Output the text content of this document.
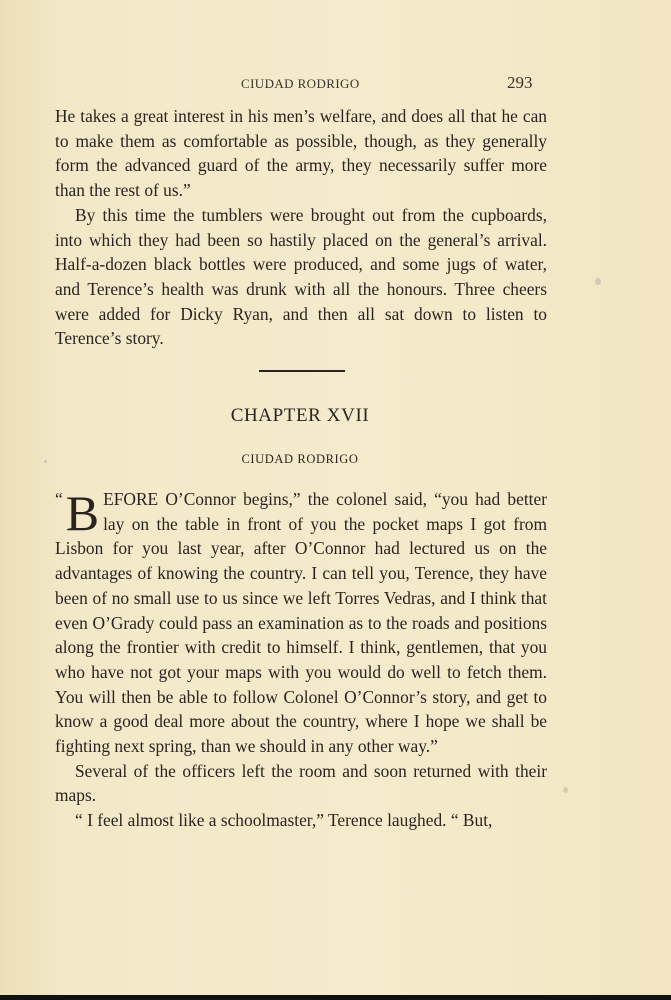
CIUDAD RODRIGO	293

He takes a great interest in his men’s welfare, and does all that he can to make them as comfortable as possible, though, as they generally form the advanced guard of the army, they necessarily suffer more than the rest of us.”

By this time the tumblers were brought out from the cupboards, into which they had been so hastily placed on the general’s arrival. Half-a-dozen black bottles were produced, and some jugs of water, and Terence’s health was drunk with all the honours. Three cheers were added for Dicky Ryan, and then all sat down to listen to Terence’s story.

CHAPTER XVII
CIUDAD RODRIGO

“ B EFORE O’Connor begins,” the colonel said, “you had better lay on the table in front of you the pocket maps I got from Lisbon for you last year, after O’Connor had lectured us on the advantages of knowing the country. I can tell you, Terence, they have been of no small use to us since we left Torres Vedras, and I think that even O’Grady could pass an examination as to the roads and positions along the frontier with credit to himself. I think, gentlemen, that you who have not got your maps with you would do well to fetch them. You will then be able to follow Colonel O’Connor’s story, and get to know a good deal more about the country, where I hope we shall be fighting next spring, than we should in any other way.”

Several of the officers left the room and soon returned with their maps.

“ I feel almost like a schoolmaster,” Terence laughed. “ But,
